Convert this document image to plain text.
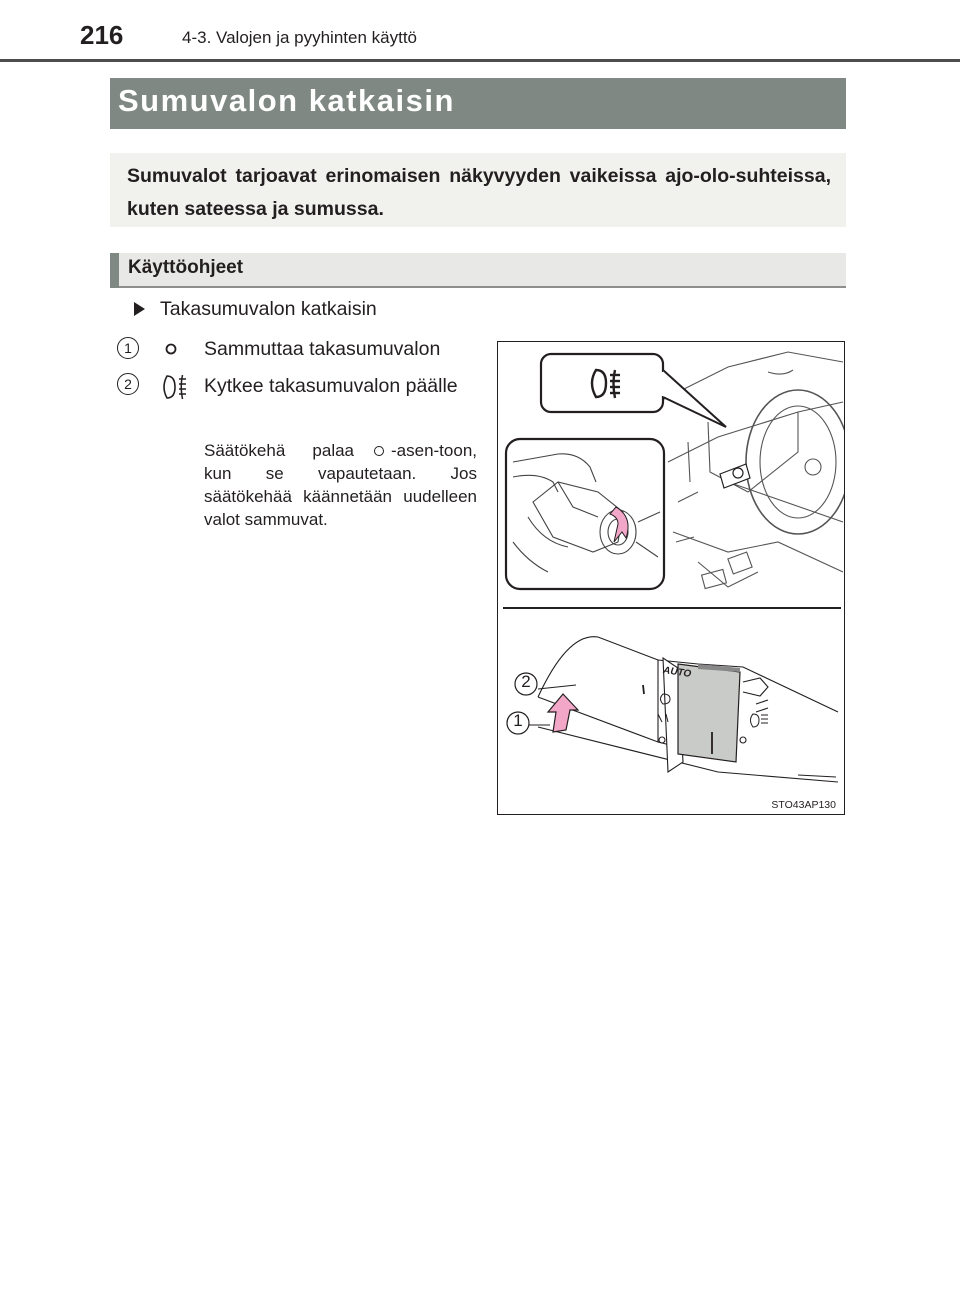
216	4-3. Valojen ja pyyhinten käyttö
Sumuvalon katkaisin
Sumuvalot tarjoavat erinomaisen näkyvyyden vaikeissa ajo-olo-suhteissa, kuten sateessa ja sumussa.
Käyttöohjeet
Takasumuvalon katkaisin
1	Sammuttaa takasumuvalon
2	Kytkee takasumuvalon päälle
Säätökehä palaa -asen-toon, kun se vapautetaan. Jos säätökehää käännetään uudelleen valot sammuvat.
2
1
AUTO
STO43AP130
